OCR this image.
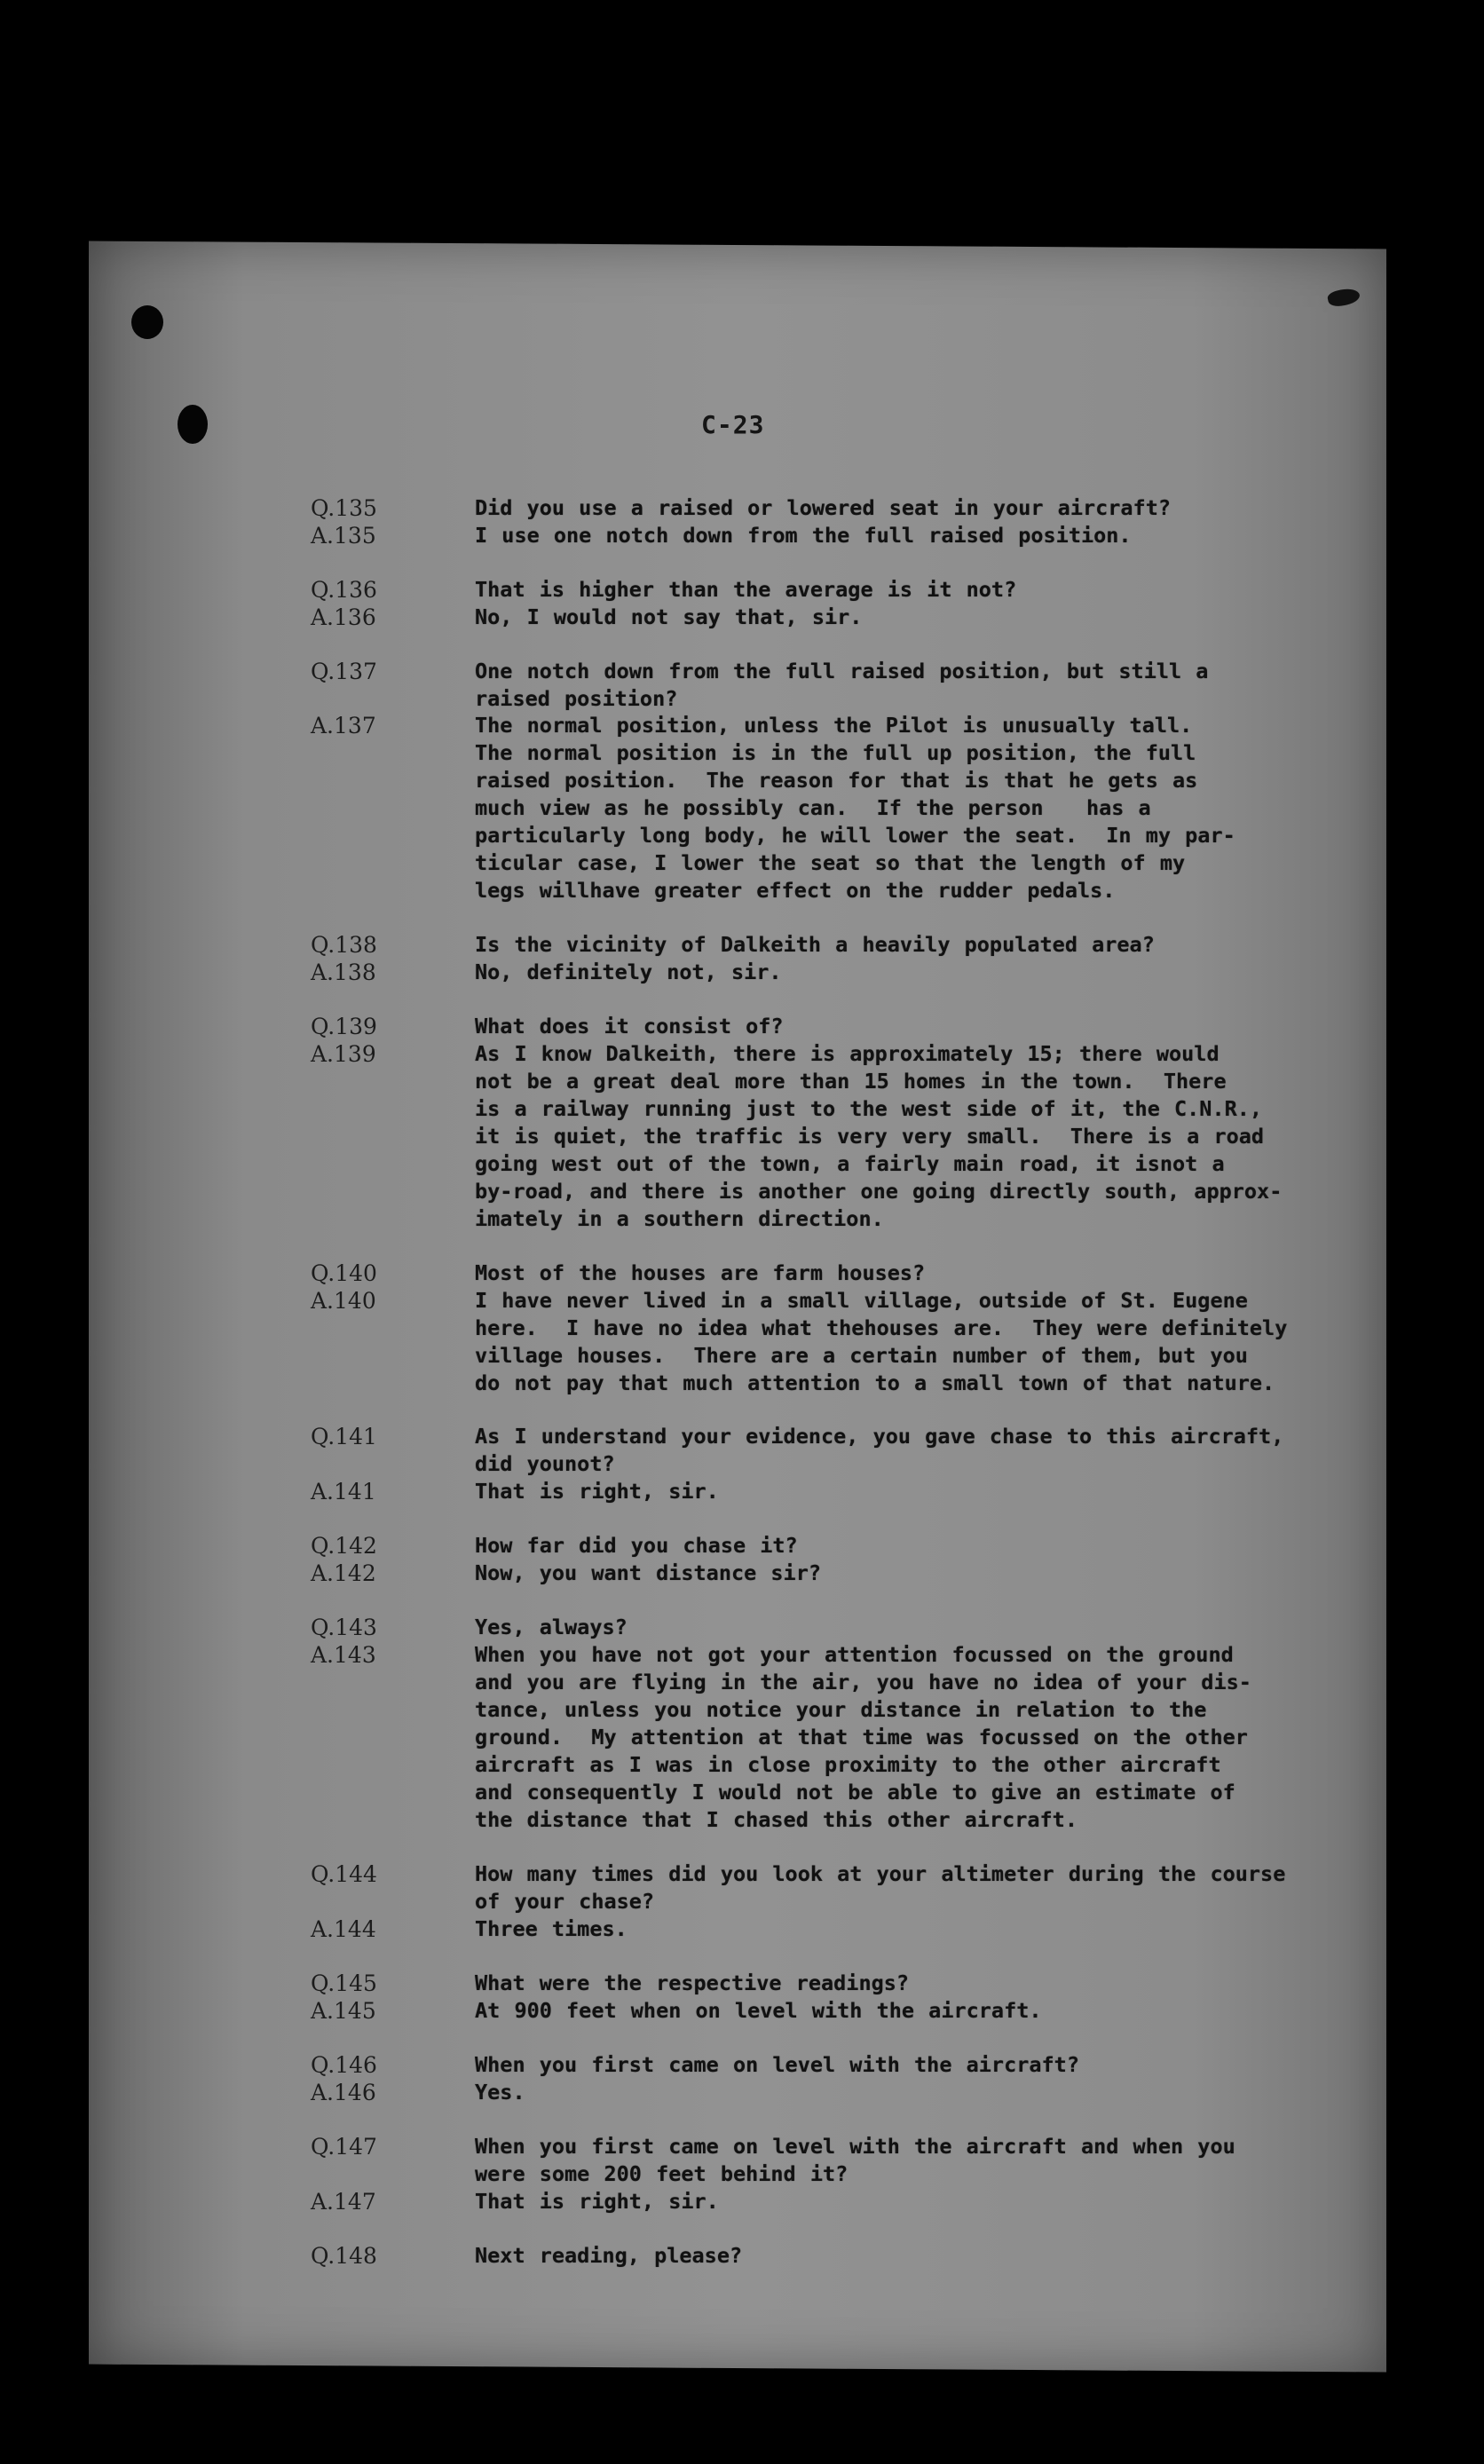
C-23
Q.135	Did you use a raised or lowered seat in your aircraft?
A.135	I use one notch down from the full raised position.
Q.136	That is higher than the average is it not?
A.136	No, I would not say that, sir.
Q.137	One notch down from the full raised position, but still a
raised position?
A.137	The normal position, unless the Pilot is unusually tall.
The normal position is in the full up position, the full
raised position.  The reason for that is that he gets as
much view as he possibly can.  If the person   has a
particularly long body, he will lower the seat.  In my par-
ticular case, I lower the seat so that the length of my
legs willhave greater effect on the rudder pedals.
Q.138	Is the vicinity of Dalkeith a heavily populated area?
A.138	No, definitely not, sir.
Q.139	What does it consist of?
A.139	As I know Dalkeith, there is approximately 15; there would
not be a great deal more than 15 homes in the town.  There
is a railway running just to the west side of it, the C.N.R.,
it is quiet, the traffic is very very small.  There is a road
going west out of the town, a fairly main road, it isnot a
by-road, and there is another one going directly south, approx-
imately in a southern direction.
Q.140	Most of the houses are farm houses?
A.140	I have never lived in a small village, outside of St. Eugene
here.  I have no idea what thehouses are.  They were definitely
village houses.  There are a certain number of them, but you
do not pay that much attention to a small town of that nature.
Q.141	As I understand your evidence, you gave chase to this aircraft,
did younot?
A.141	That is right, sir.
Q.142	How far did you chase it?
A.142	Now, you want distance sir?
Q.143	Yes, always?
A.143	When you have not got your attention focussed on the ground
and you are flying in the air, you have no idea of your dis-
tance, unless you notice your distance in relation to the
ground.  My attention at that time was focussed on the other
aircraft as I was in close proximity to the other aircraft
and consequently I would not be able to give an estimate of
the distance that I chased this other aircraft.
Q.144	How many times did you look at your altimeter during the course
of your chase?
A.144	Three times.
Q.145	What were the respective readings?
A.145	At 900 feet when on level with the aircraft.
Q.146	When you first came on level with the aircraft?
A.146	Yes.
Q.147	When you first came on level with the aircraft and when you
were some 200 feet behind it?
A.147	That is right, sir.
Q.148	Next reading, please?
